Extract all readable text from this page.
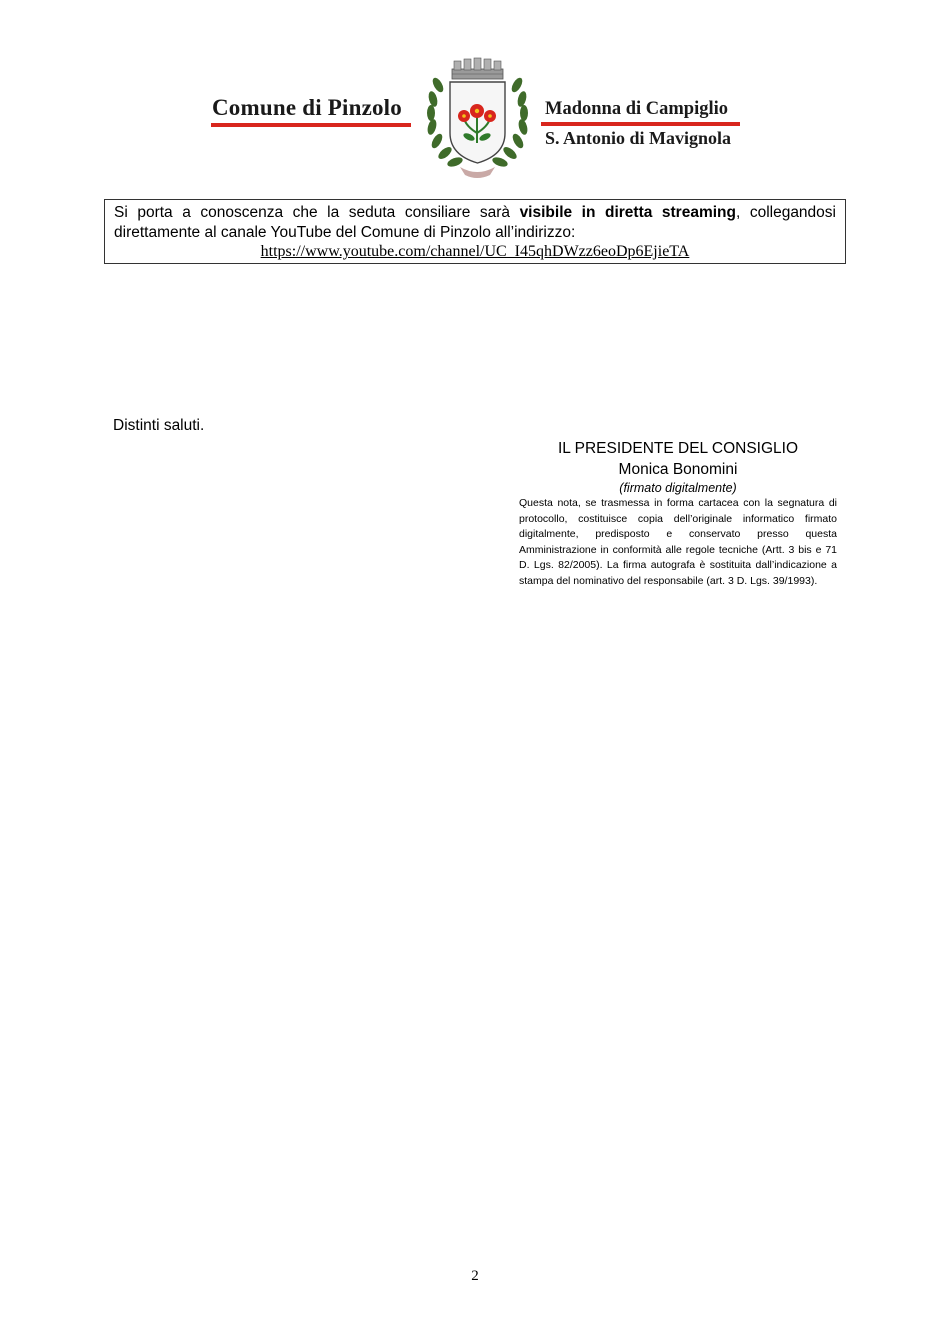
Comune di Pinzolo	Madonna di Campiglio
S. Antonio di Mavignola

Si porta a conoscenza che la seduta consiliare sarà visibile in diretta streaming, collegandosi direttamente al canale YouTube del Comune di Pinzolo all’indirizzo:

https://www.youtube.com/channel/UC_I45qhDWzz6eoDp6EjieTA
Distinti saluti.
IL PRESIDENTE DEL CONSIGLIO
Monica Bonomini
(firmato digitalmente)

Questa nota, se trasmessa in forma cartacea con la segnatura di protocollo, costituisce copia dell’originale informatico firmato digitalmente, predisposto e conservato presso questa Amministrazione in conformità alle regole tecniche (Artt. 3 bis e 71 D. Lgs. 82/2005). La firma autografa è sostituita dall’indicazione a stampa del nominativo del responsabile (art. 3 D. Lgs. 39/1993).

2
